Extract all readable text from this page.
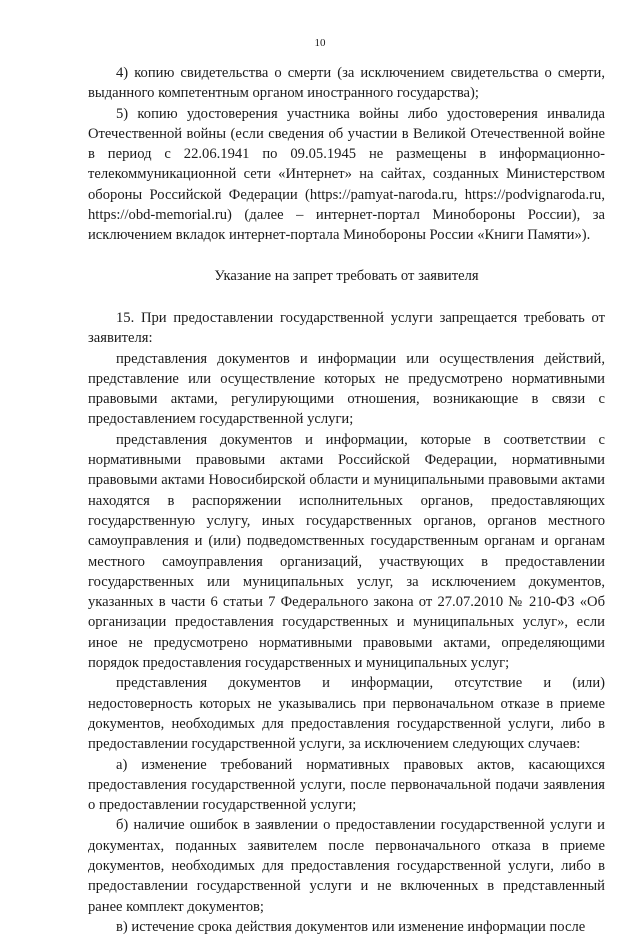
10

4) копию свидетельства о смерти (за исключением свидетельства о смерти, выданного компетентным органом иностранного государства);

5) копию удостоверения участника войны либо удостоверения инвалида Отечественной войны (если сведения об участии в Великой Отечественной войне в период с 22.06.1941 по 09.05.1945 не размещены в информационно-телекоммуникационной сети «Интернет» на сайтах, созданных Министерством обороны Российской Федерации (https://pamyat-naroda.ru, https://podvignaroda.ru, https://obd-memorial.ru) (далее – интернет-портал Минобороны России), за исключением вкладок интернет-портала Минобороны России «Книги Памяти»).

Указание на запрет требовать от заявителя

15. При предоставлении государственной услуги запрещается требовать от заявителя:

представления документов и информации или осуществления действий, представление или осуществление которых не предусмотрено нормативными правовыми актами, регулирующими отношения, возникающие в связи с предоставлением государственной услуги;

представления документов и информации, которые в соответствии с нормативными правовыми актами Российской Федерации, нормативными правовыми актами Новосибирской области и муниципальными правовыми актами находятся в распоряжении исполнительных органов, предоставляющих государственную услугу, иных государственных органов, органов местного самоуправления и (или) подведомственных государственным органам и органам местного самоуправления организаций, участвующих в предоставлении государственных или муниципальных услуг, за исключением документов, указанных в части 6 статьи 7 Федерального закона от 27.07.2010 № 210-ФЗ «Об организации предоставления государственных и муниципальных услуг», если иное не предусмотрено нормативными правовыми актами, определяющими порядок предоставления государственных и муниципальных услуг;

представления документов и информации, отсутствие и (или) недостоверность которых не указывались при первоначальном отказе в приеме документов, необходимых для предоставления государственной услуги, либо в предоставлении государственной услуги, за исключением следующих случаев:

а) изменение требований нормативных правовых актов, касающихся предоставления государственной услуги, после первоначальной подачи заявления о предоставлении государственной услуги;

б) наличие ошибок в заявлении о предоставлении государственной услуги и документах, поданных заявителем после первоначального отказа в приеме документов, необходимых для предоставления государственной услуги, либо в предоставлении государственной услуги и не включенных в представленный ранее комплект документов;

в) истечение срока действия документов или изменение информации после
